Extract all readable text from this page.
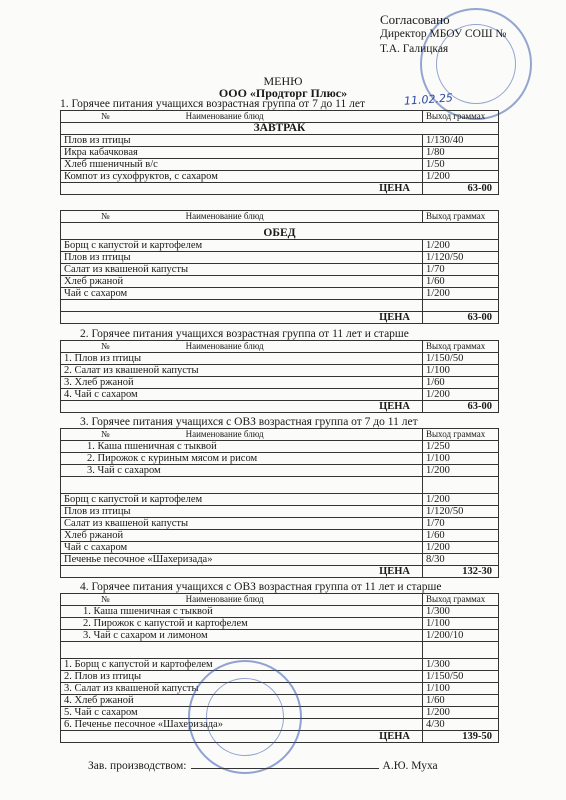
Согласовано
Директор МБОУ СОШ №
Т.А. Галицкая
11.02.25
МЕНЮ
ООО «Продторг Плюс»
1. Горячее питания учащихся возрастная группа от 7 до 11 лет
№ Наименование блюд	Выход граммах
ЗАВТРАК	
Плов из птицы	1/130/40
Икра кабачковая	1/80
Хлеб пшеничный в/с	1/50
Компот из сухофруктов, с сахаром	1/200
ЦЕНА	63-00
№ Наименование блюд	Выход граммах

ОБЕД	
Борщ с капустой и картофелем	1/200
Плов из птицы	1/120/50
Салат из квашеной капусты	1/70
Хлеб ржаной	1/60
Чай с сахаром	1/200

ЦЕНА	63-00
2. Горячее питания учащихся возрастная группа от 11 лет и старше
№ Наименование блюд	Выход граммах
1. Плов из птицы	1/150/50
2. Салат из квашеной капусты	1/100
3. Хлеб ржаной	1/60
4. Чай с сахаром	1/200
ЦЕНА	63-00
3. Горячее питания учащихся с ОВЗ возрастная группа от 7 до 11 лет
№ Наименование блюд	Выход граммах
1. Каша пшеничная с тыквой	1/250
2. Пирожок с куриным мясом и рисом	1/100
3. Чай с сахаром	1/200

Борщ с капустой и картофелем	1/200
Плов из птицы	1/120/50
Салат из квашеной капусты	1/70
Хлеб ржаной	1/60
Чай с сахаром	1/200
Печенье песочное «Шахеризада»	8/30
ЦЕНА	132-30
4. Горячее питания учащихся с ОВЗ возрастная группа от 11 лет и старше
№ Наименование блюд	Выход граммах
1. Каша пшеничная с тыквой	1/300
2. Пирожок с капустой и картофелем	1/100
3. Чай с сахаром и лимоном	1/200/10

1. Борщ с капустой и картофелем	1/300
2. Плов из птицы	1/150/50
3. Салат из квашеной капусты	1/100
4. Хлеб ржаной	1/60
5. Чай с сахаром	1/200
6. Печенье песочное «Шахеризада»	4/30
ЦЕНА	139-50
Зав. производством:	А.Ю. Муха
